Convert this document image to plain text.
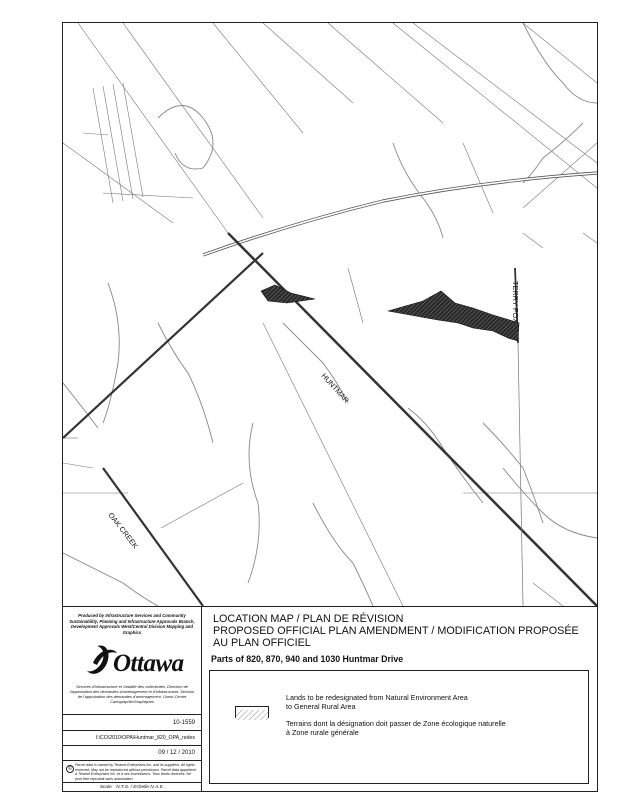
HUNTMAR
TERRY FOX
OAK CREEK
Produced by Infrastructure Services and Community Sustainability, Planning and Infrastructure Approvals Branch, Development Approvals West/Central Division Mapping and Graphics
Ottawa
Services d'infrastructure et Viabilité des collectivités, Direction de l'approbation des demandes d'aménagement et d'infrastructure, Division de l'approbation des demandes d'aménagement, Ouest-Centre Cartographie/Graphiques
10-1559
I:\CO\2010\OPA\Huntmar_820_OPA_redes
09 / 12 / 2010
©
Parcel data is owned by Teranet Enterprises Inc. and its suppliers. All rights reserved. May not be reproduced without permission. Parcel data appartient à Teranet Enterprises Inc. et à ses fournisseurs. Tous droits réservés. Ne peut être reproduit sans autorisation.
Scale - N.T.S. / Echelle N.A.E.
LOCATION MAP / PLAN DE RÉVISION
PROPOSED OFFICIAL PLAN AMENDMENT / MODIFICATION PROPOSÉE
AU PLAN OFFICIEL
Parts of 820, 870, 940 and 1030 Huntmar Drive
Lands to be redesignated from Natural Environment Area
to General Rural Area
Terrains dont la désignation doit passer de Zone écologique naturelle
à Zone rurale générale
